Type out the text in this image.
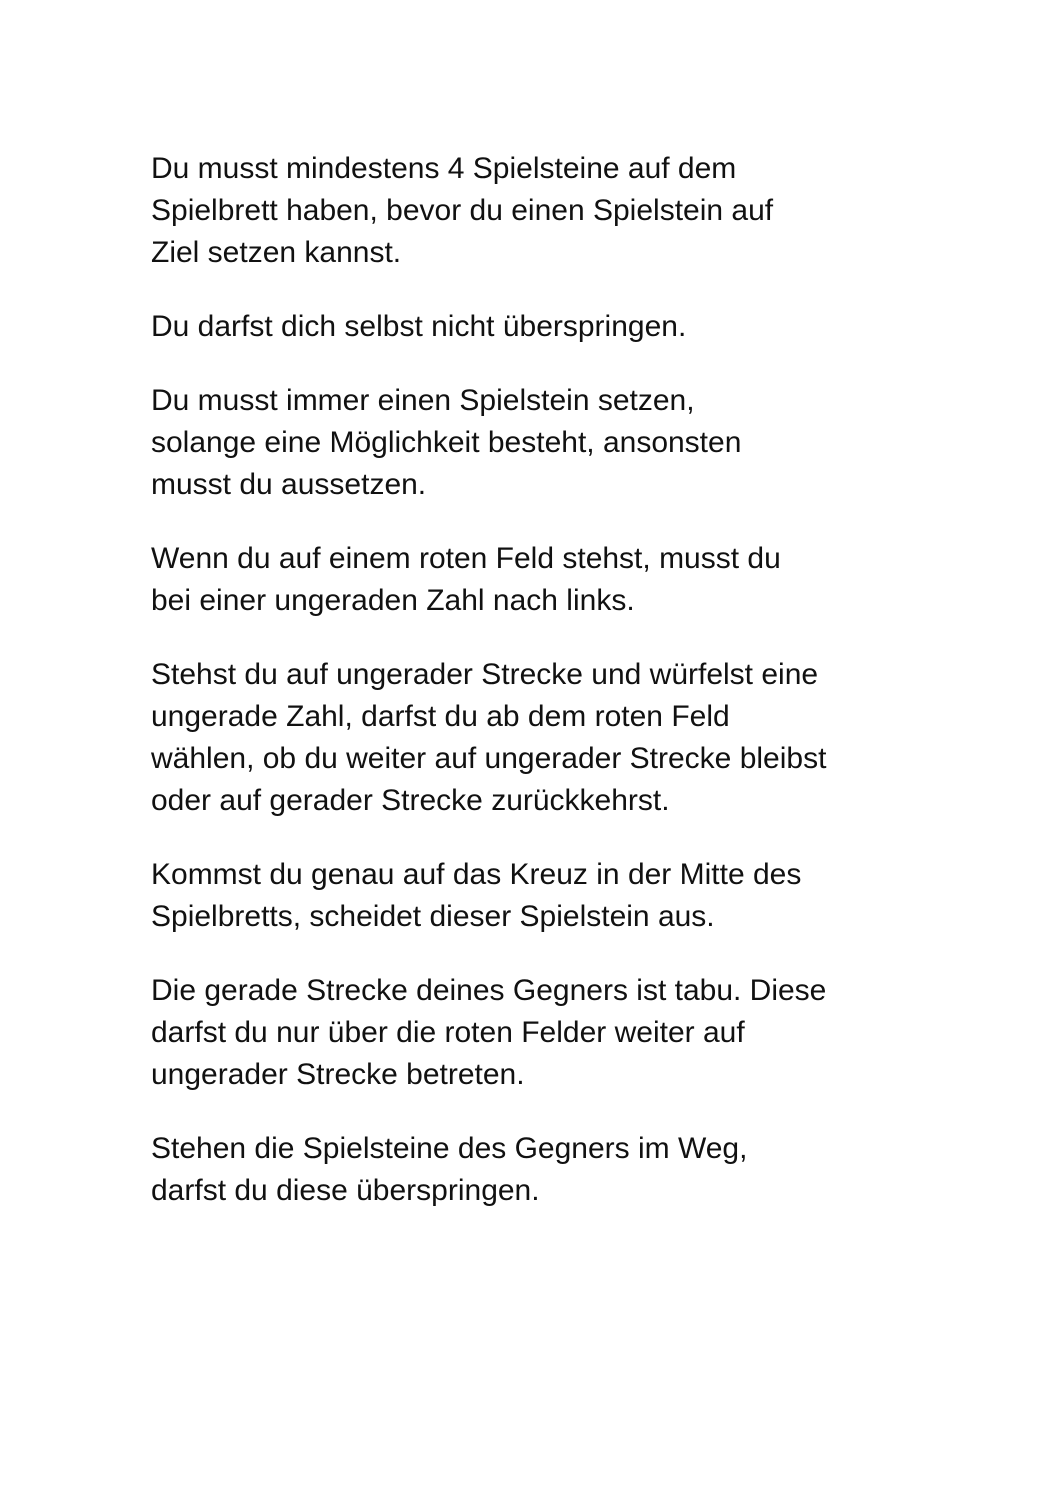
Du musst mindestens 4 Spielsteine auf dem
Spielbrett haben, bevor du einen Spielstein auf
Ziel setzen kannst.

Du darfst dich selbst nicht überspringen.

Du musst immer einen Spielstein setzen,
solange eine Möglichkeit besteht, ansonsten
musst du aussetzen.

Wenn du auf einem roten Feld stehst, musst du
bei einer ungeraden Zahl nach links.

Stehst du auf ungerader Strecke und würfelst eine
ungerade Zahl, darfst du ab dem roten Feld
wählen, ob du weiter auf ungerader Strecke bleibst
oder auf gerader Strecke zurückkehrst.

Kommst du genau auf das Kreuz in der Mitte des
Spielbretts, scheidet dieser Spielstein aus.

Die gerade Strecke deines Gegners ist tabu. Diese
darfst du nur über die roten Felder weiter auf
ungerader Strecke betreten.

Stehen die Spielsteine des Gegners im Weg,
darfst du diese überspringen.
